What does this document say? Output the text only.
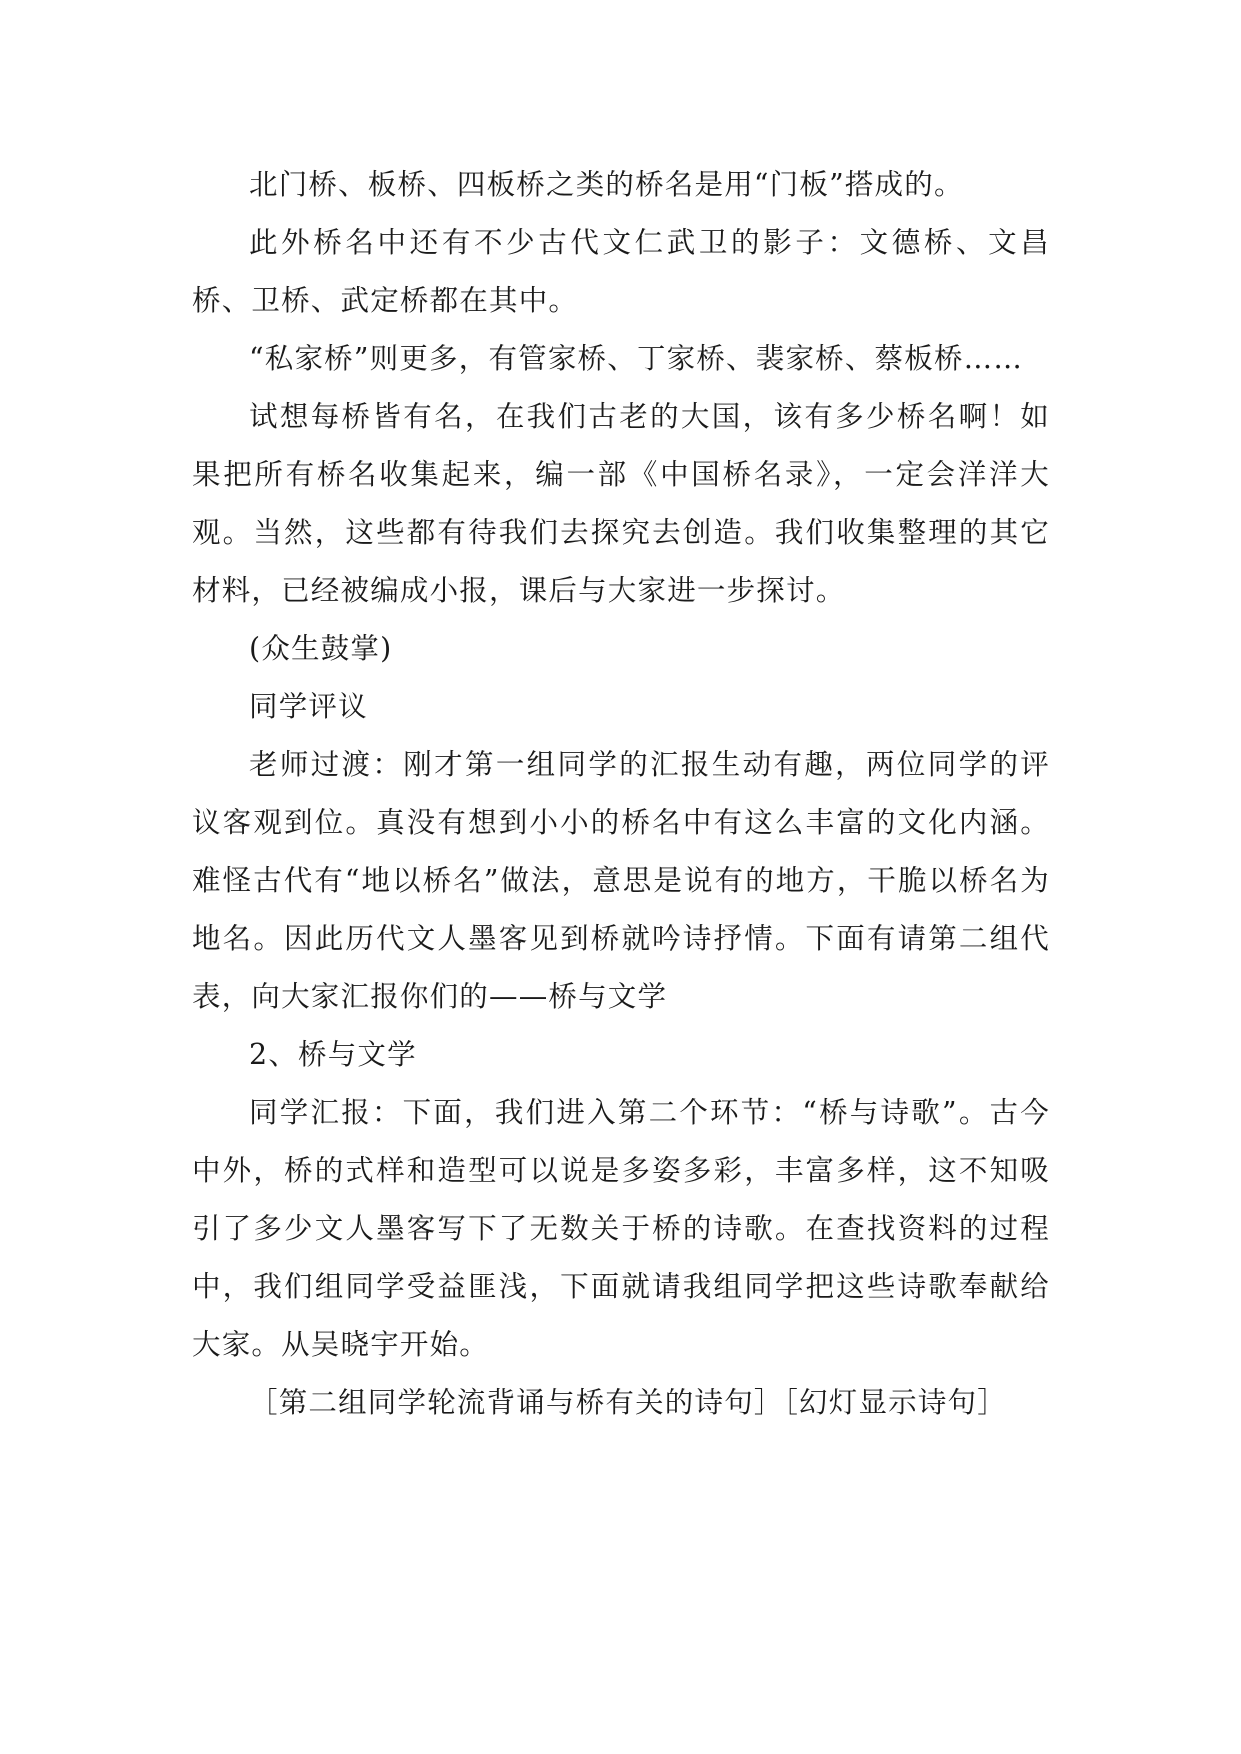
北门桥、板桥、四板桥之类的桥名是用“门板”搭成的。

此外桥名中还有不少古代文仁武卫的影子：文德桥、文昌桥、卫桥、武定桥都在其中。

“私家桥”则更多，有管家桥、丁家桥、裴家桥、蔡板桥……

试想每桥皆有名，在我们古老的大国，该有多少桥名啊！如果把所有桥名收集起来，编一部《中国桥名录》，一定会洋洋大观。当然，这些都有待我们去探究去创造。我们收集整理的其它材料，已经被编成小报，课后与大家进一步探讨。

(众生鼓掌)

同学评议

老师过渡：刚才第一组同学的汇报生动有趣，两位同学的评议客观到位。真没有想到小小的桥名中有这么丰富的文化内涵。难怪古代有“地以桥名”做法，意思是说有的地方，干脆以桥名为地名。因此历代文人墨客见到桥就吟诗抒情。下面有请第二组代表，向大家汇报你们的——桥与文学

2、桥与文学

同学汇报：下面，我们进入第二个环节：“桥与诗歌”。古今中外，桥的式样和造型可以说是多姿多彩，丰富多样，这不知吸引了多少文人墨客写下了无数关于桥的诗歌。在查找资料的过程中，我们组同学受益匪浅，下面就请我组同学把这些诗歌奉献给大家。从吴晓宇开始。

［第二组同学轮流背诵与桥有关的诗句］［幻灯显示诗句］
